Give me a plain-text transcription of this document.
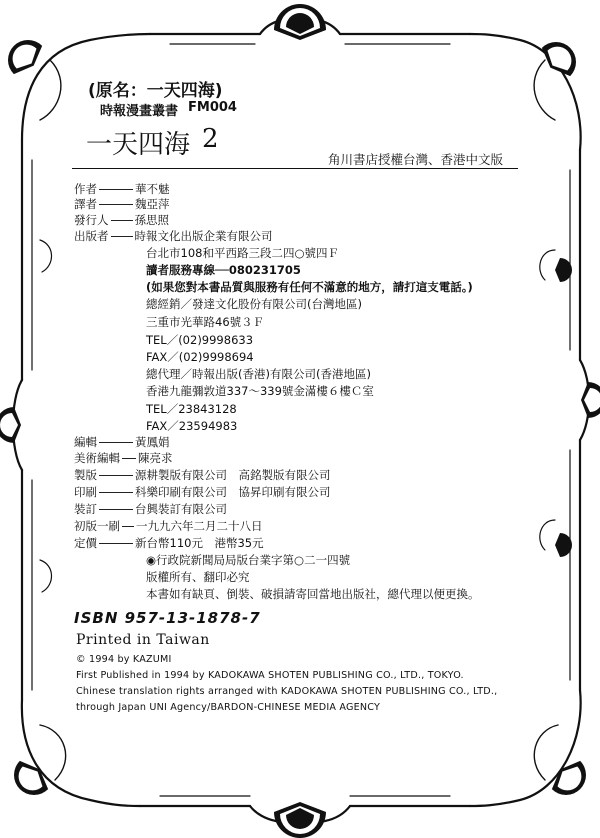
(原名：一天四海)
時報漫畫叢書 FM004
一天四海 2
角川書店授權台灣、香港中文版
作者	華不魅
譯者	魏亞萍
發行人 孫思照
出版者 時報文化出版企業有限公司
台北市108和平西路三段二四○號四Ｆ
讀者服務專線──080231705
(如果您對本書品質與服務有任何不滿意的地方，請打這支電話。)
總經銷／發達文化股份有限公司(台灣地區)
三重市光華路46號３Ｆ
TEL／(02)9998633
FAX／(02)9998694
總代理／時報出版(香港)有限公司(香港地區)
香港九龍彌敦道337～339號金滿樓６樓Ｃ室
TEL／23843128
FAX／23594983
編輯	黃鳳娟
美術編輯 陳亮求
製版	源耕製版有限公司　高銘製版有限公司
印刷	科樂印刷有限公司　協昇印刷有限公司
裝訂	台興裝訂有限公司
初版一刷 一九九六年二月二十八日
定價	新台幣110元　港幣35元
◉行政院新聞局局版台業字第○二一四號
版權所有、翻印必究
本書如有缺頁、倒裝、破損請寄回當地出版社，總代理以便更換。
ISBN 957-13-1878-7
Printed in Taiwan
© 1994 by KAZUMI
First Published in 1994 by KADOKAWA SHOTEN PUBLISHING CO., LTD., TOKYO.
Chinese translation rights arranged with KADOKAWA SHOTEN PUBLISHING CO., LTD.,
through Japan UNI Agency/BARDON-CHINESE MEDIA AGENCY
